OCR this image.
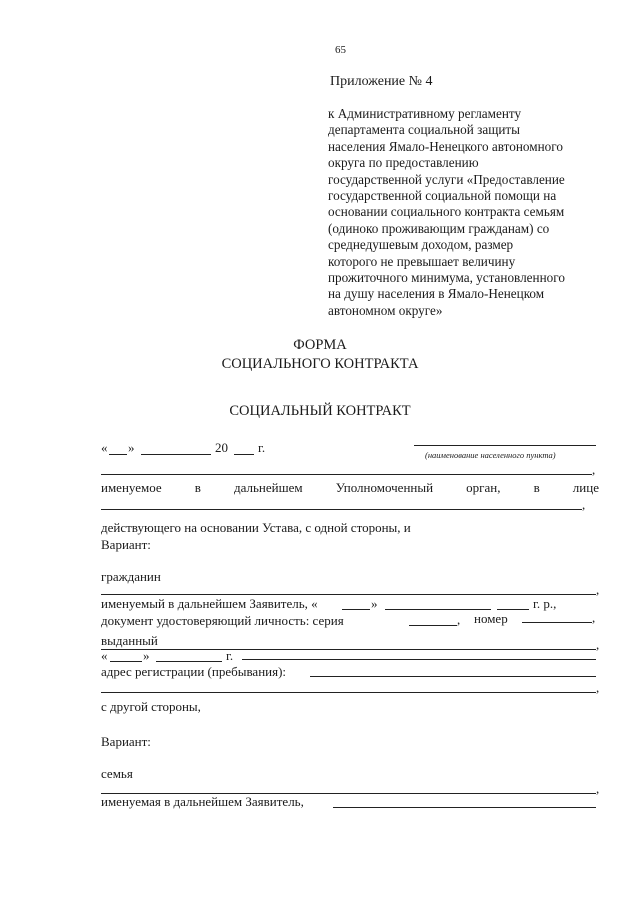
65
Приложение № 4
к Административному регламенту
департамента социальной защиты
населения Ямало-Ненецкого автономного
округа по предоставлению
государственной услуги «Предоставление
государственной социальной помощи на
основании социального контракта семьям
(одиноко проживающим гражданам) со
среднедушевым доходом, размер
которого не превышает величину
прожиточного минимума, установленного
на душу населения в Ямало-Ненецком
автономном округе»
ФОРМА
СОЦИАЛЬНОГО КОНТРАКТА
СОЦИАЛЬНЫЙ КОНТРАКТ
« »	20 г.	(наименование населенного пункта)
,
именуемое	в	дальнейшем	Уполномоченный	орган,	в	лице
,
действующего на основании Устава, с одной стороны, и
Вариант:
гражданин
,
именуемый в дальнейшем Заявитель, «	»	г. р.,
документ удостоверяющий личность: серия	, номер	,
выданный	,
«	»	г.
адрес регистрации (пребывания):
,
с другой стороны,
Вариант:
семья
,
именуемая в дальнейшем Заявитель,
